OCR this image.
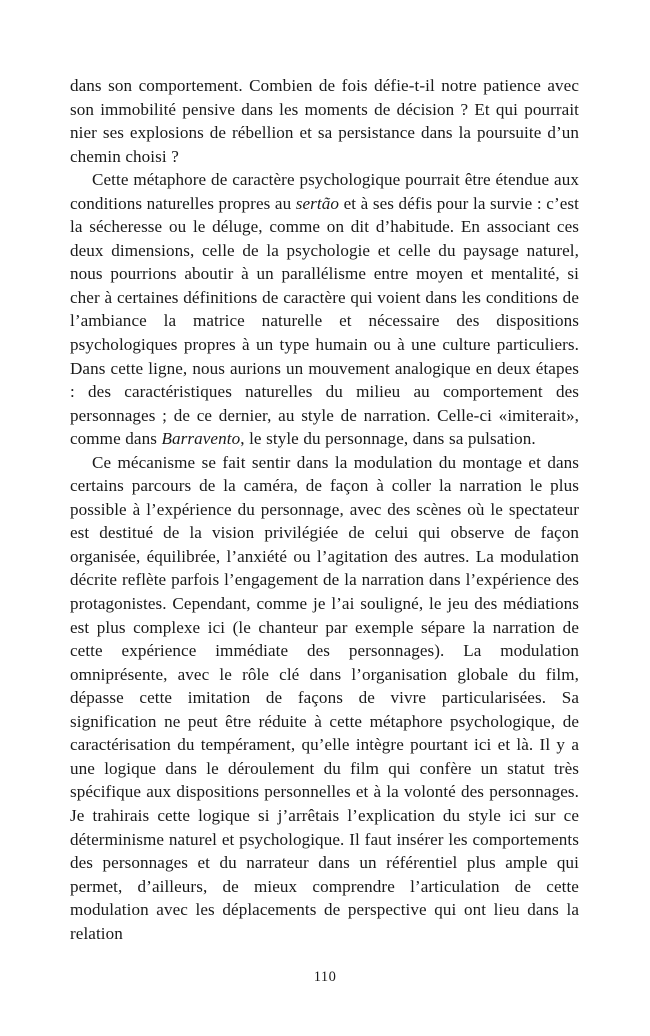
dans son comportement. Combien de fois défie-t-il notre patience avec son immobilité pensive dans les moments de décision ? Et qui pourrait nier ses explosions de rébellion et sa persistance dans la poursuite d’un chemin choisi ?

Cette métaphore de caractère psychologique pourrait être étendue aux conditions naturelles propres au sertão et à ses défis pour la survie : c’est la sécheresse ou le déluge, comme on dit d’habitude. En associant ces deux dimensions, celle de la psychologie et celle du paysage naturel, nous pourrions aboutir à un parallélisme entre moyen et mentalité, si cher à certaines définitions de caractère qui voient dans les conditions de l’ambiance la matrice naturelle et nécessaire des dispositions psychologiques propres à un type humain ou à une culture particuliers. Dans cette ligne, nous aurions un mouvement analogique en deux étapes : des caractéristiques naturelles du milieu au comportement des personnages ; de ce dernier, au style de narration. Celle-ci «imiterait», comme dans Barravento, le style du personnage, dans sa pulsation.

Ce mécanisme se fait sentir dans la modulation du montage et dans certains parcours de la caméra, de façon à coller la narration le plus possible à l’expérience du personnage, avec des scènes où le spectateur est destitué de la vision privilégiée de celui qui observe de façon organisée, équilibrée, l’anxiété ou l’agitation des autres. La modulation décrite reflète parfois l’engagement de la narration dans l’expérience des protagonistes. Cependant, comme je l’ai souligné, le jeu des médiations est plus complexe ici (le chanteur par exemple sépare la narration de cette expérience immédiate des personnages). La modulation omniprésente, avec le rôle clé dans l’organisation globale du film, dépasse cette imitation de façons de vivre particularisées. Sa signification ne peut être réduite à cette métaphore psychologique, de caractérisation du tempérament, qu’elle intègre pourtant ici et là. Il y a une logique dans le déroulement du film qui confère un statut très spécifique aux dispositions personnelles et à la volonté des personnages. Je trahirais cette logique si j’arrêtais l’explication du style ici sur ce déterminisme naturel et psychologique. Il faut insérer les comportements des personnages et du narrateur dans un référentiel plus ample qui permet, d’ailleurs, de mieux comprendre l’articulation de cette modulation avec les déplacements de perspective qui ont lieu dans la relation

110
